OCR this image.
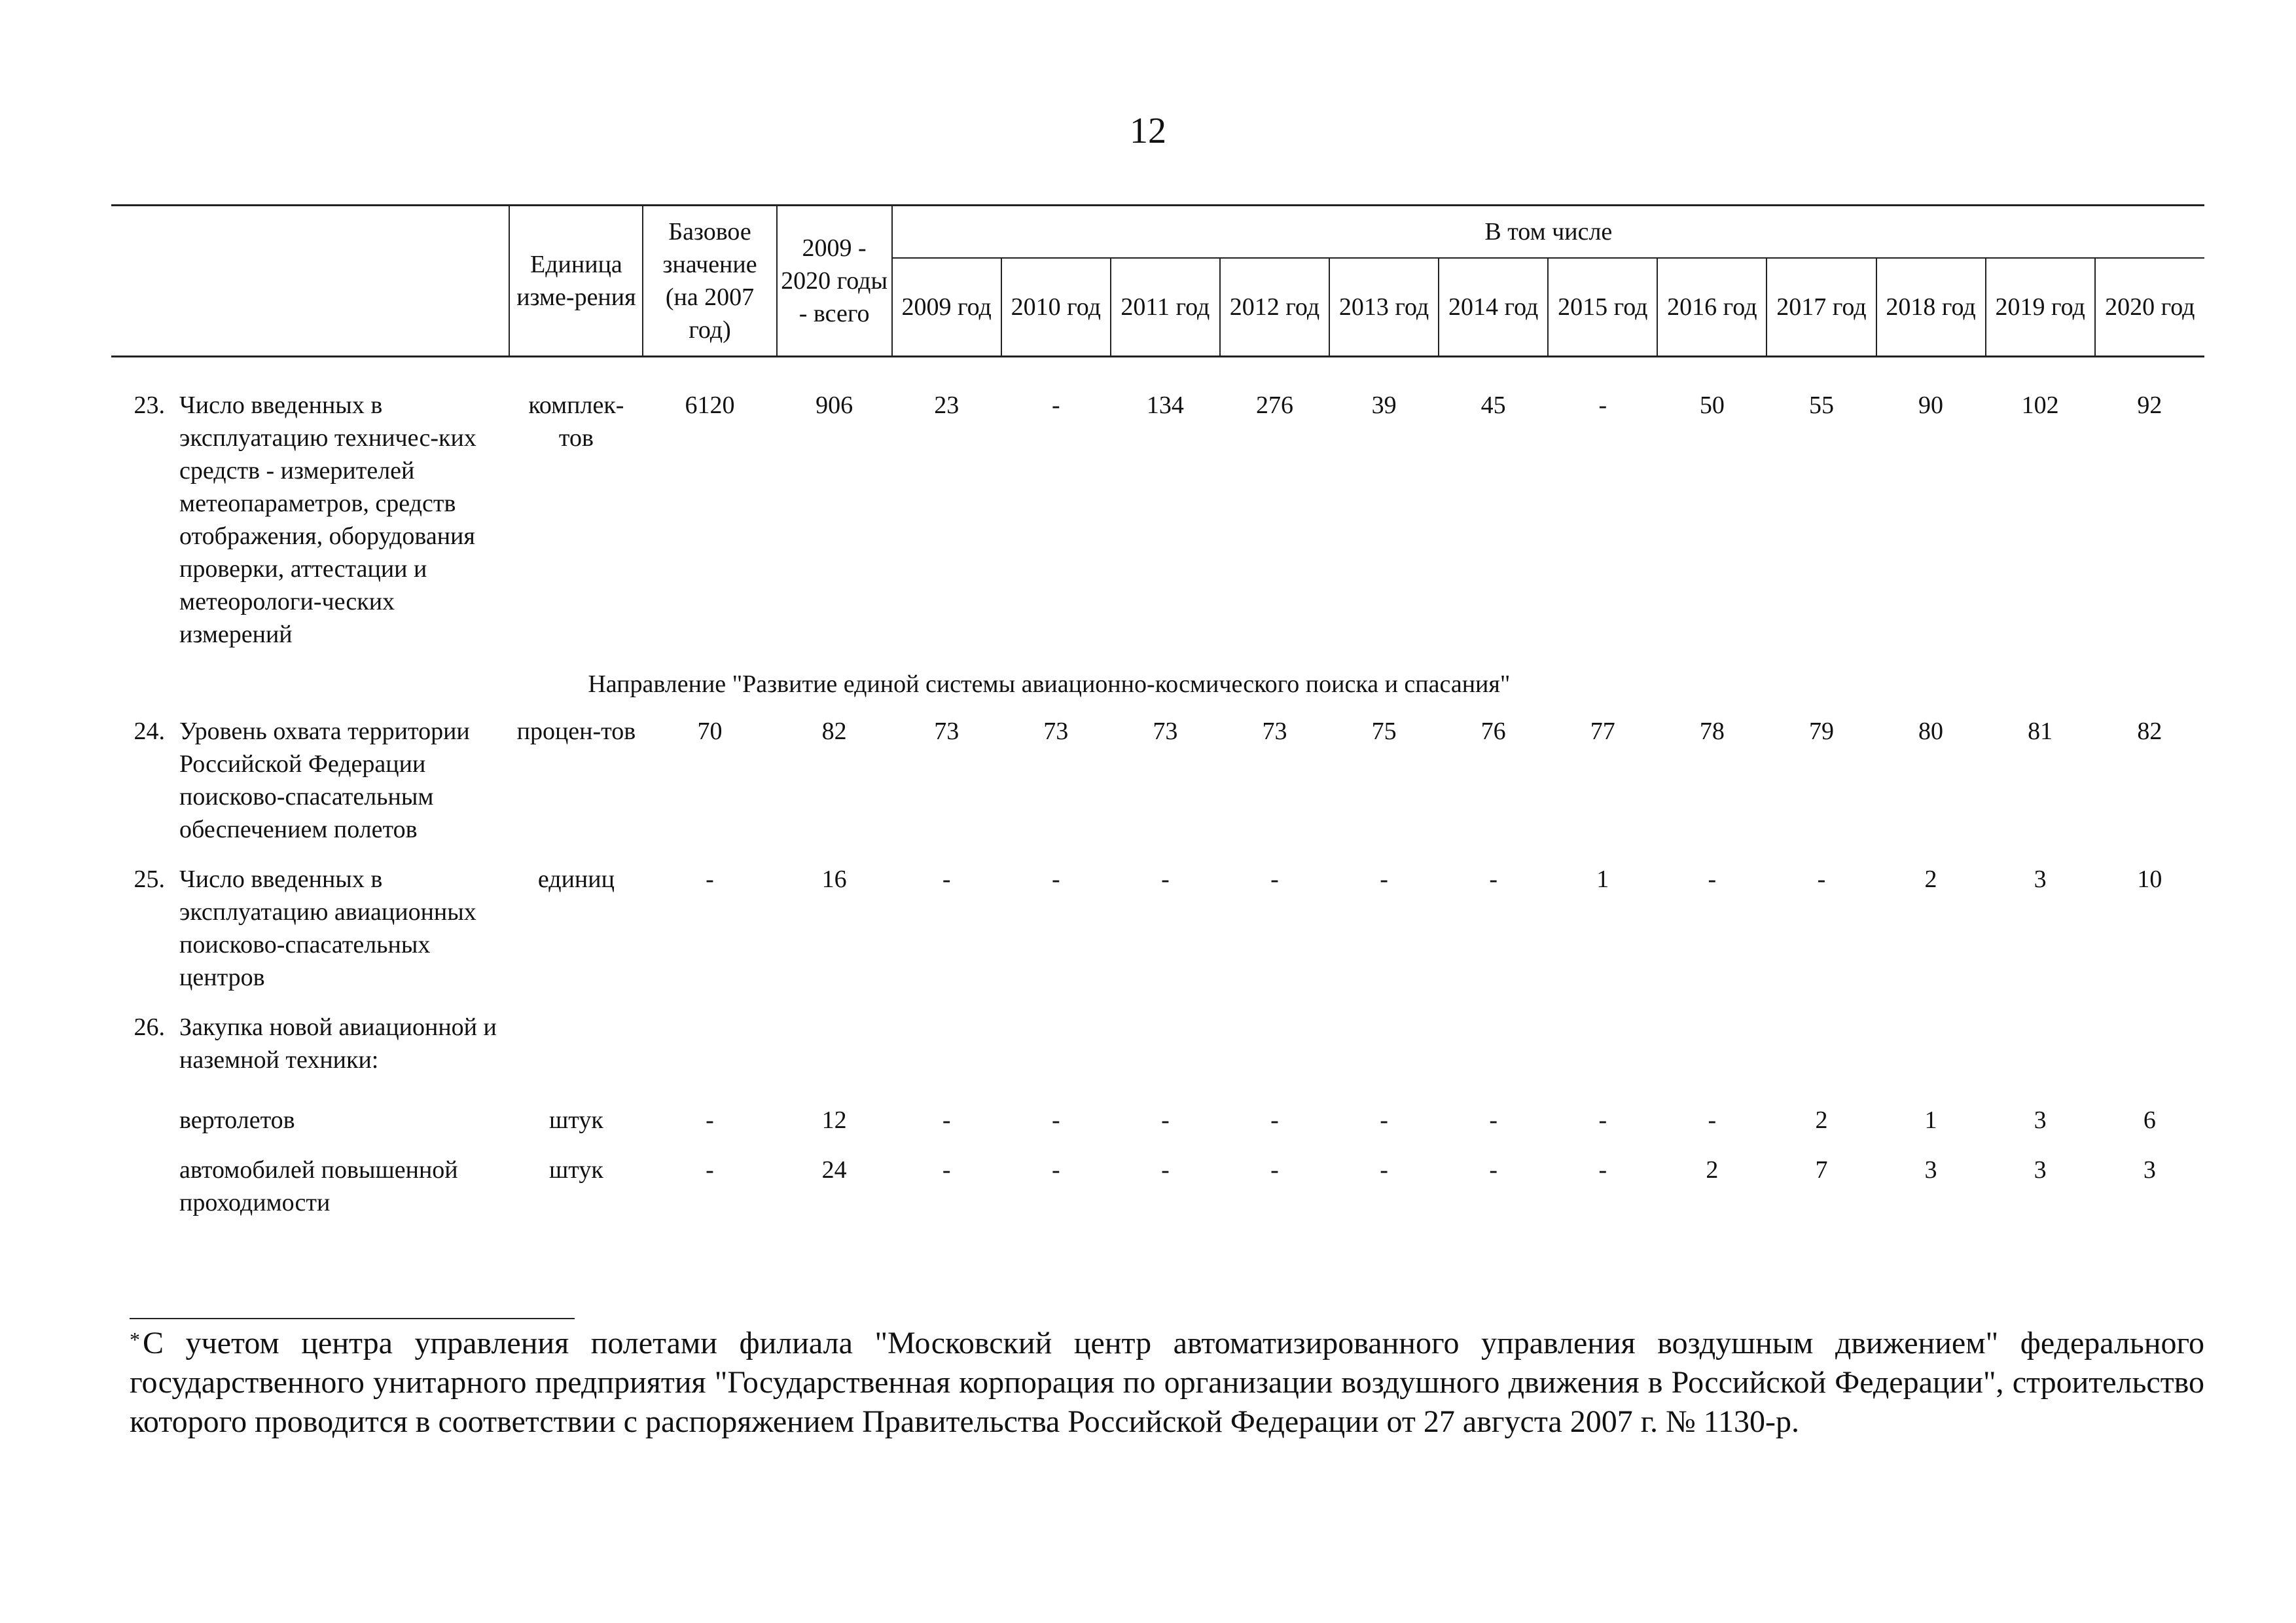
12
		Единица изме-рения	Базовое значение (на 2007 год)	2009 - 2020 годы - всего	В том числе											
					2009 год	2010 год	2011 год	2012 год	2013 год	2014 год	2015 год	2016 год	2017 год	2018 год	2019 год	2020 год

23.	Число введенных в эксплуатацию техничес-ких средств - измерителей метеопараметров, средств отображения, оборудования проверки, аттестации и метеорологи-ческих измерений	комплек-тов	6120	906	23	-	134	276	39	45	-	50	55	90	102	92
		Направление "Развитие единой системы авиационно-космического поиска и спасания"														
24.	Уровень охвата территории Российской Федерации поисково-спасательным обеспечением полетов	процен-тов	70	82	73	73	73	73	75	76	77	78	79	80	81	82
25.	Число введенных в эксплуатацию авиационных поисково-спасательных центров	единиц	-	16	-	-	-	-	-	-	1	-	-	2	3	10
26.	Закупка новой авиационной и наземной техники:															
	вертолетов	штук	-	12	-	-	-	-	-	-	-	-	2	1	3	6
	автомобилей повышенной проходимости	штук	-	24	-	-	-	-	-	-	-	2	7	3	3	3
*С учетом центра управления полетами филиала "Московский центр автоматизированного управления воздушным движением" федерального государственного унитарного предприятия "Государственная корпорация по организации воздушного движения в Российской Федерации", строительство которого проводится в соответствии с распоряжением Правительства Российской Федерации от 27 августа 2007 г. № 1130-р.
